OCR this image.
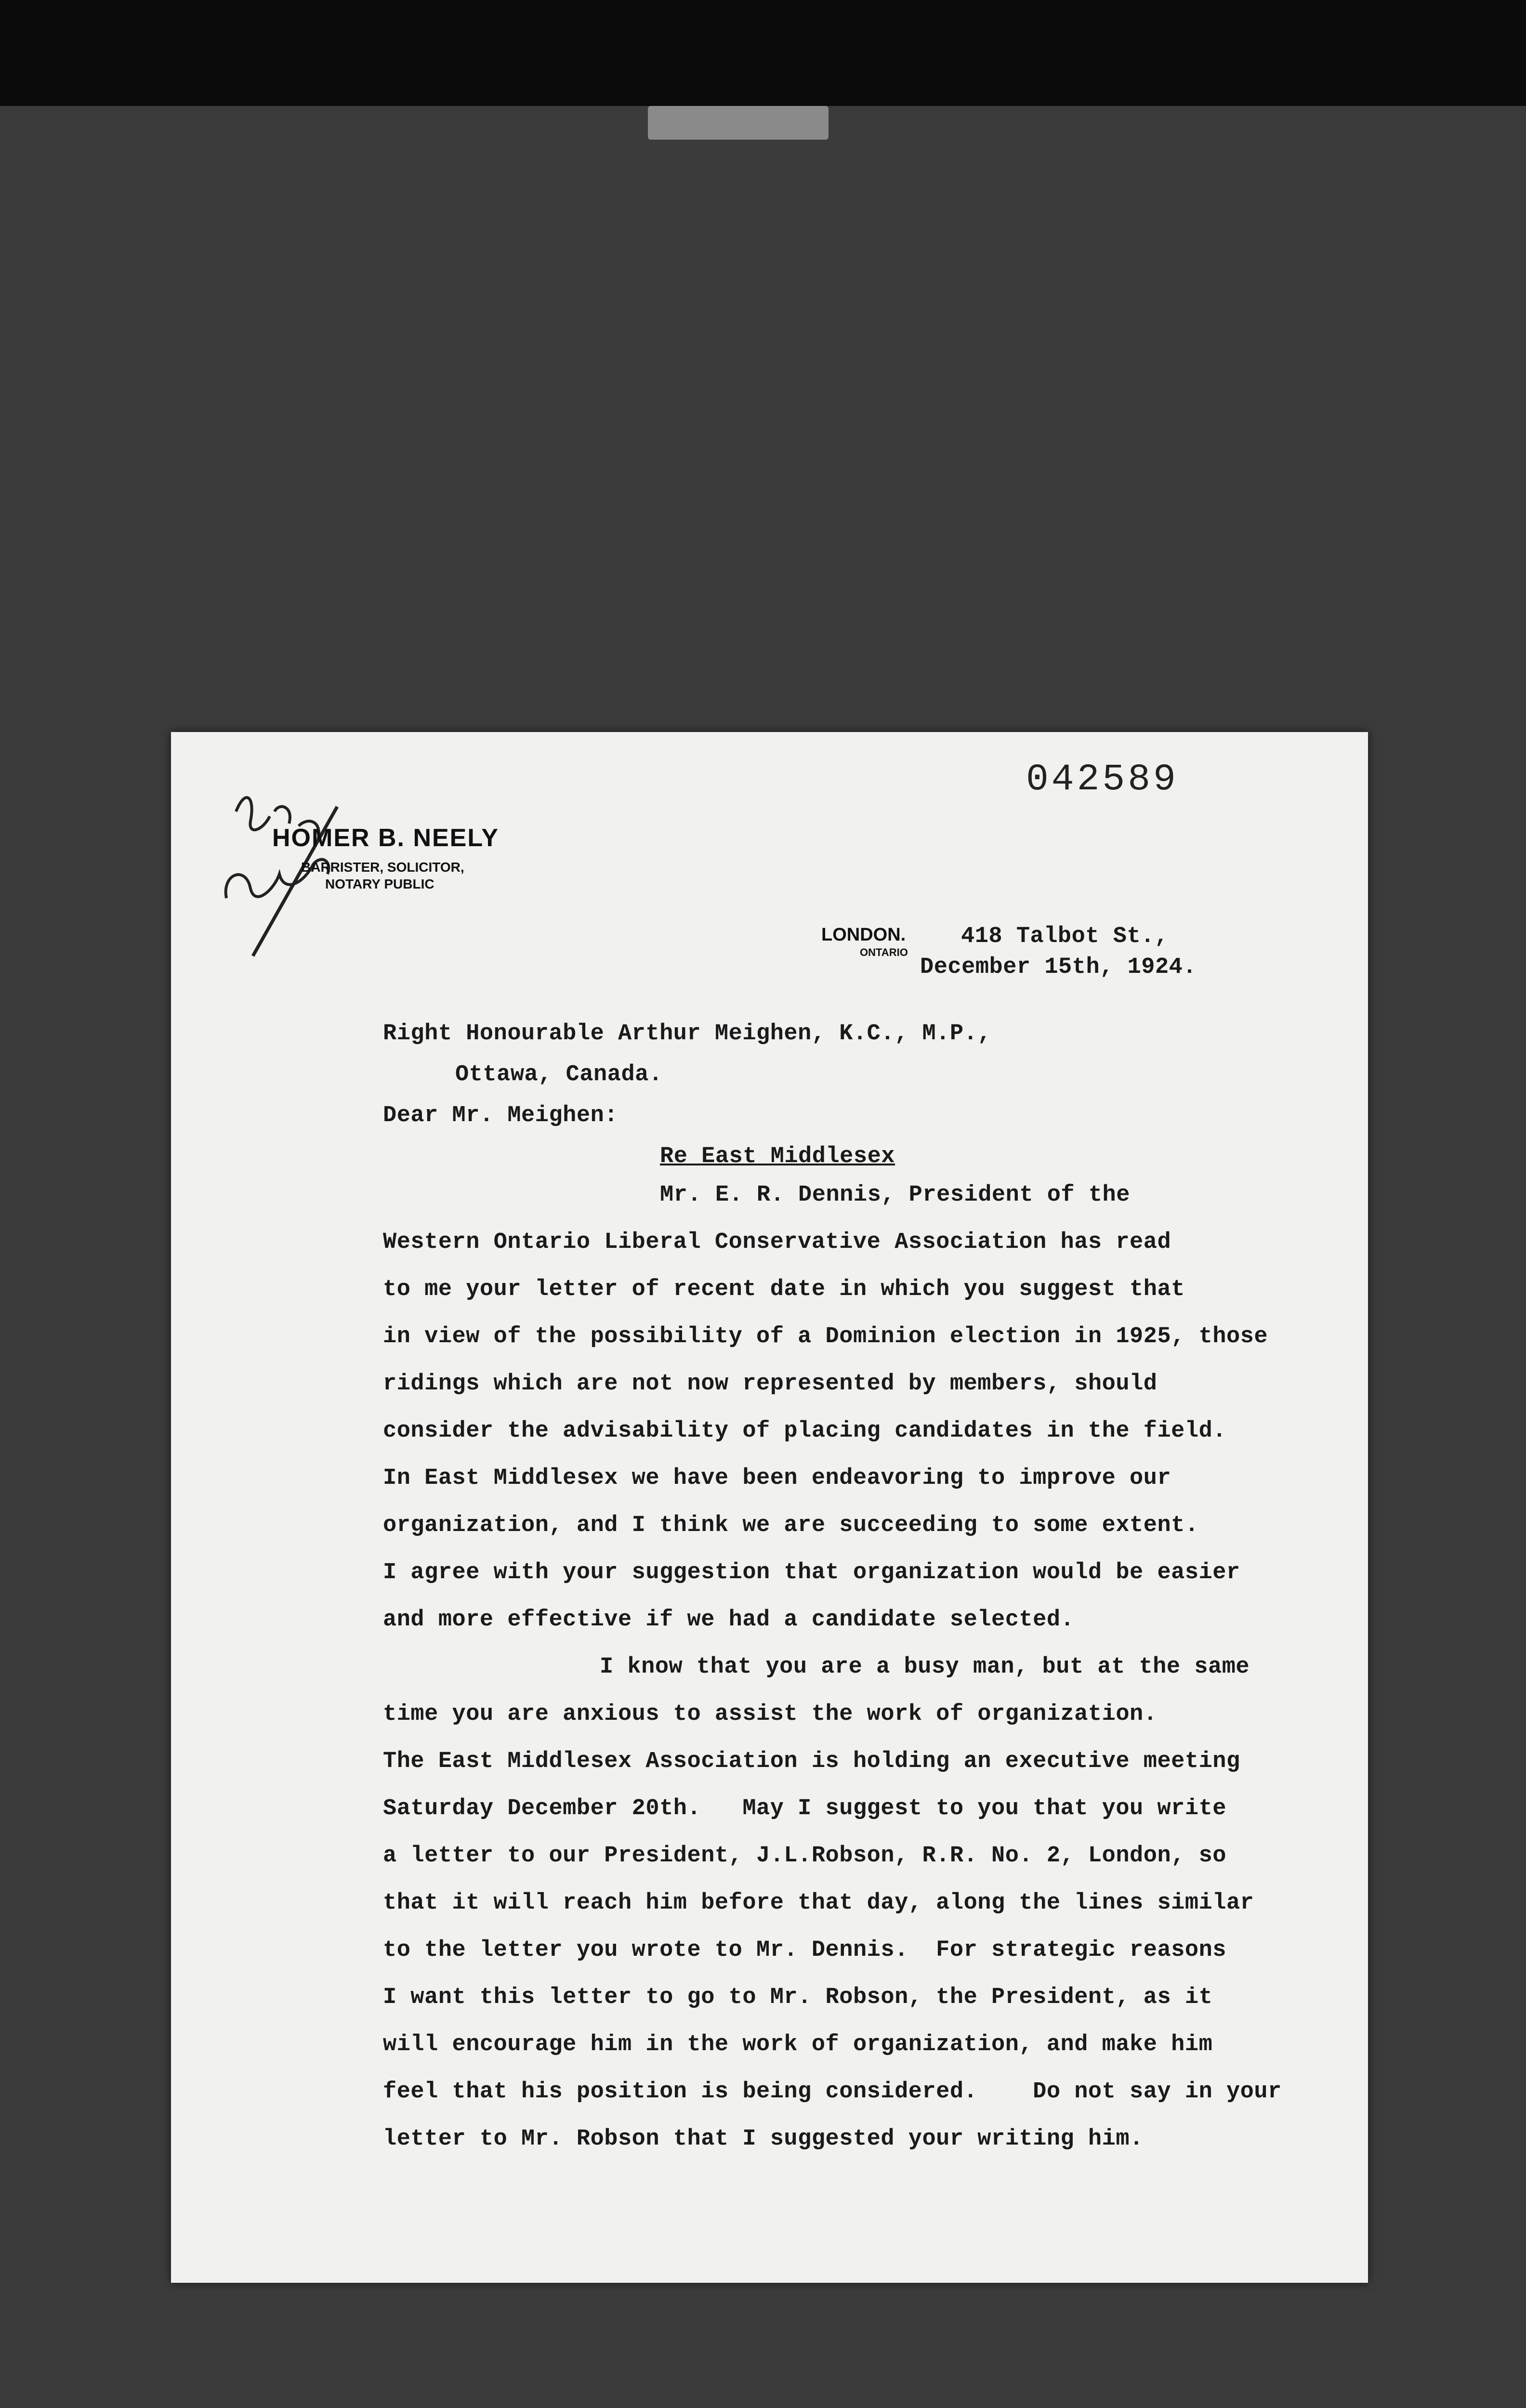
042589
HOMER B. NEELY
BARRISTER, SOLICITOR,
NOTARY PUBLIC
LONDON.
ONTARIO
418 Talbot St.,
December 15th, 1924.
Right Honourable Arthur Meighen, K.C., M.P.,
Ottawa, Canada.
Dear Mr. Meighen:
Re East Middlesex
Mr. E. R. Dennis, President of the
Western Ontario Liberal Conservative Association has read
to me your letter of recent date in which you suggest that
in view of the possibility of a Dominion election in 1925, those
ridings which are not now represented by members, should
consider the advisability of placing candidates in the field.
In East Middlesex we have been endeavoring to improve our
organization, and I think we are succeeding to some extent.
I agree with your suggestion that organization would be easier
and more effective if we had a candidate selected.
I know that you are a busy man, but at the same
time you are anxious to assist the work of organization.
The East Middlesex Association is holding an executive meeting
Saturday December 20th.   May I suggest to you that you write
a letter to our President, J.L.Robson, R.R. No. 2, London, so
that it will reach him before that day, along the lines similar
to the letter you wrote to Mr. Dennis.  For strategic reasons
I want this letter to go to Mr. Robson, the President, as it
will encourage him in the work of organization, and make him
feel that his position is being considered.    Do not say in your
letter to Mr. Robson that I suggested your writing him.
